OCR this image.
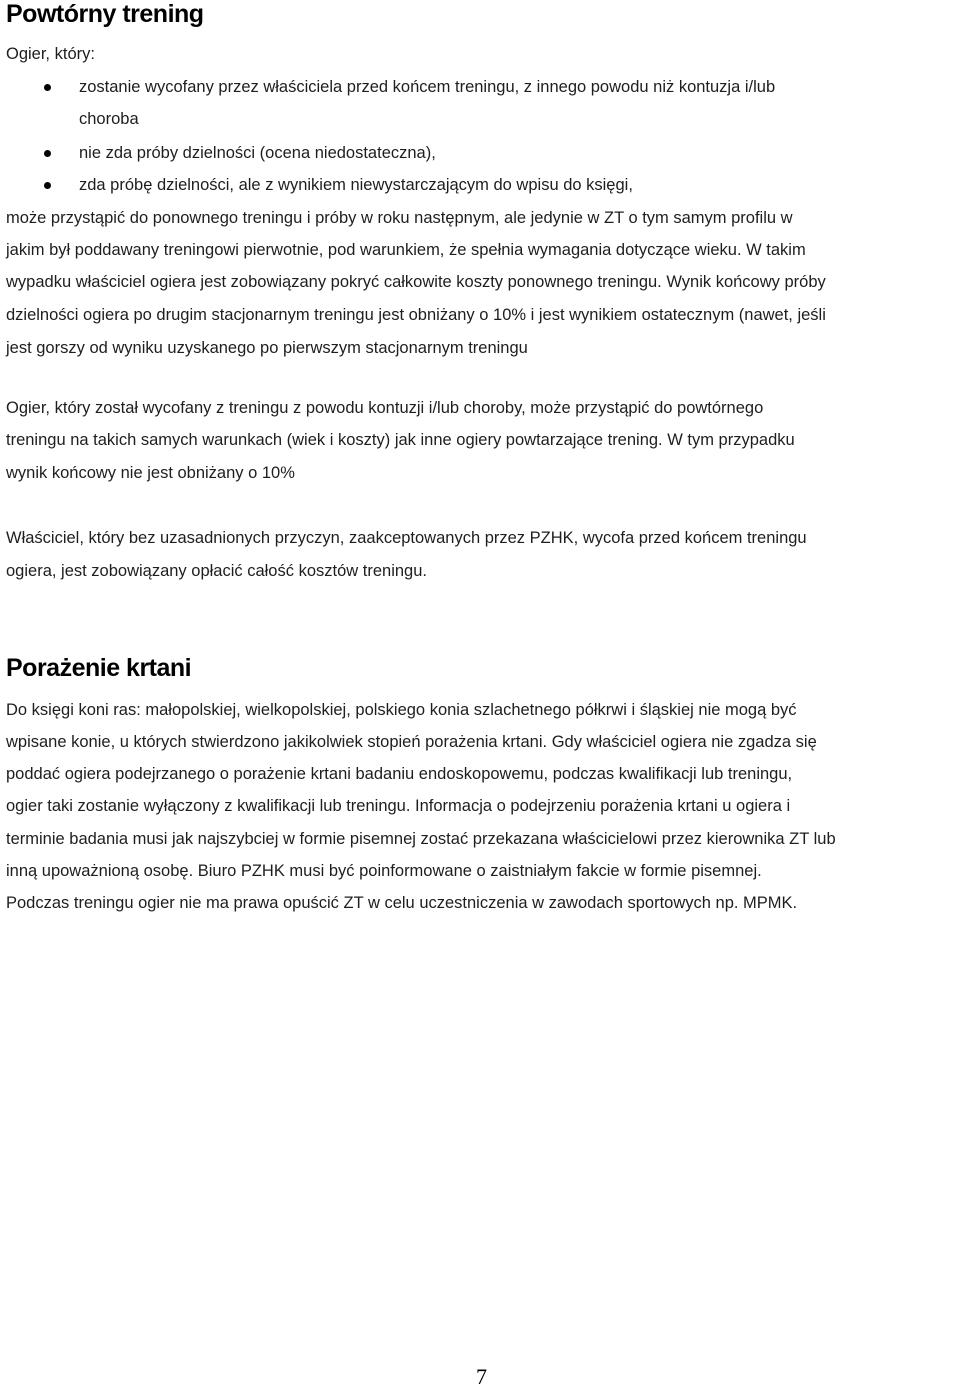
Powtórny trening
Ogier, który:
zostanie wycofany przez właściciela przed końcem treningu, z innego powodu niż kontuzja i/lub
choroba
nie zda próby dzielności (ocena niedostateczna),
zda próbę dzielności, ale z wynikiem niewystarczającym do wpisu do księgi,
może przystąpić do ponownego treningu i próby w roku następnym, ale jedynie w ZT o tym samym profilu w
jakim był poddawany treningowi pierwotnie, pod warunkiem, że spełnia wymagania dotyczące wieku. W takim
wypadku właściciel ogiera jest zobowiązany pokryć całkowite koszty ponownego treningu. Wynik końcowy próby
dzielności ogiera po drugim stacjonarnym treningu jest obniżany o 10% i jest wynikiem ostatecznym (nawet, jeśli
jest gorszy od wyniku uzyskanego po pierwszym stacjonarnym treningu
Ogier, który został wycofany z treningu z powodu kontuzji i/lub choroby, może przystąpić do powtórnego
treningu na takich samych warunkach (wiek i koszty) jak inne ogiery powtarzające trening. W tym przypadku
wynik końcowy nie jest obniżany o 10%
Właściciel, który bez uzasadnionych przyczyn, zaakceptowanych przez PZHK, wycofa przed końcem treningu
ogiera, jest zobowiązany opłacić całość kosztów treningu.
Porażenie krtani
Do księgi koni ras: małopolskiej, wielkopolskiej, polskiego konia szlachetnego półkrwi i śląskiej nie mogą być
wpisane konie, u których stwierdzono jakikolwiek stopień porażenia krtani. Gdy właściciel ogiera nie zgadza się
poddać ogiera podejrzanego o porażenie krtani badaniu endoskopowemu, podczas kwalifikacji lub treningu,
ogier taki zostanie wyłączony z kwalifikacji lub treningu. Informacja o podejrzeniu porażenia krtani u ogiera i
terminie badania musi jak najszybciej w formie pisemnej zostać przekazana właścicielowi przez kierownika ZT lub
inną upoważnioną osobę. Biuro PZHK musi być poinformowane o zaistniałym fakcie w formie pisemnej.
Podczas treningu ogier nie ma prawa opuścić ZT w celu uczestniczenia w zawodach sportowych np. MPMK.
7
